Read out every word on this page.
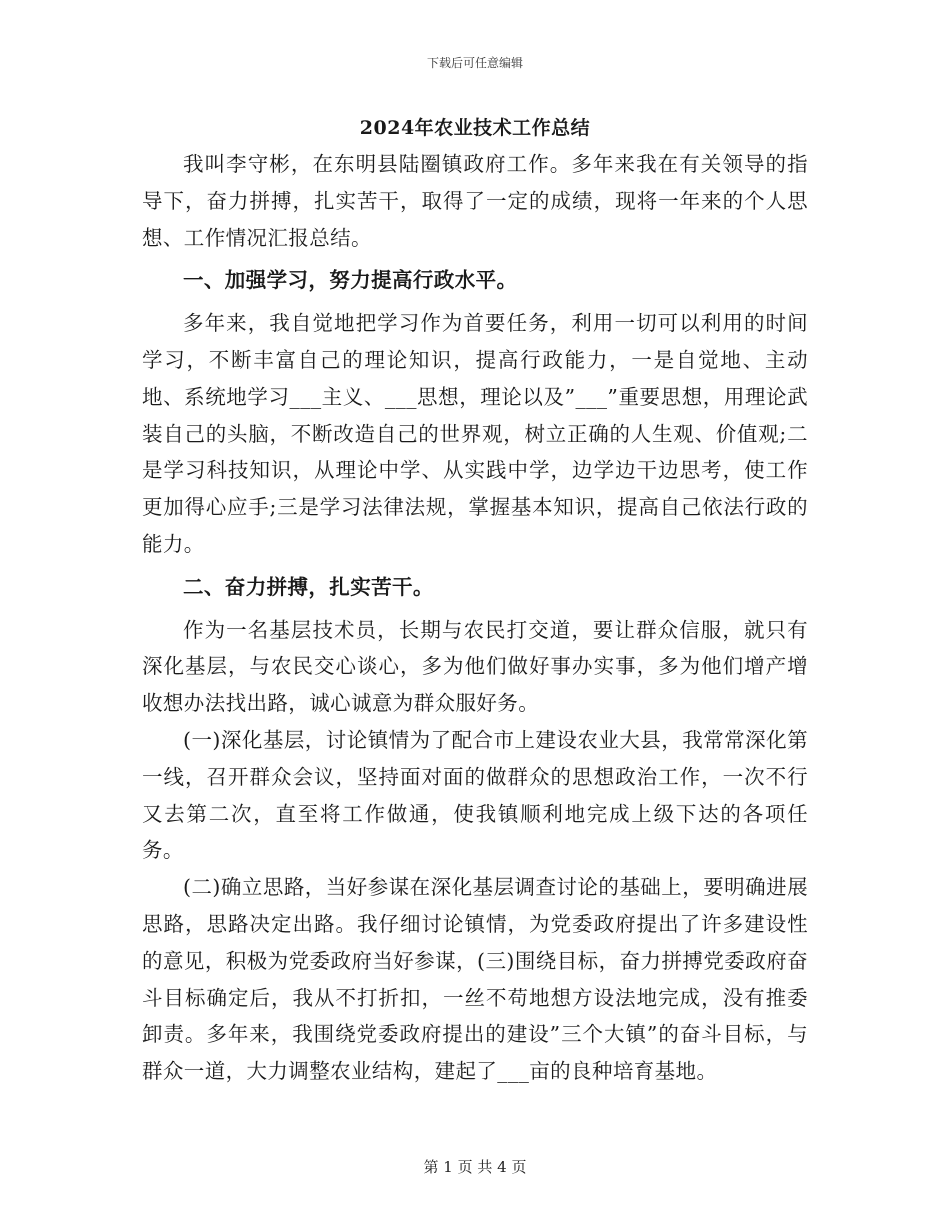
下载后可任意编辑
2024年农业技术工作总结

我叫李守彬，在东明县陆圈镇政府工作。多年来我在有关领导的指导下，奋力拼搏，扎实苦干，取得了一定的成绩，现将一年来的个人思想、工作情况汇报总结。

一、加强学习，努力提高行政水平。

多年来，我自觉地把学习作为首要任务，利用一切可以利用的时间学习，不断丰富自己的理论知识，提高行政能力，一是自觉地、主动地、系统地学习___主义、___思想，理论以及”___”重要思想，用理论武装自己的头脑，不断改造自己的世界观，树立正确的人生观、价值观;二是学习科技知识，从理论中学、从实践中学，边学边干边思考，使工作更加得心应手;三是学习法律法规，掌握基本知识，提高自己依法行政的能力。

二、奋力拼搏，扎实苦干。

作为一名基层技术员，长期与农民打交道，要让群众信服，就只有深化基层，与农民交心谈心，多为他们做好事办实事，多为他们增产增收想办法找出路，诚心诚意为群众服好务。

(一)深化基层，讨论镇情为了配合市上建设农业大县，我常常深化第一线，召开群众会议，坚持面对面的做群众的思想政治工作，一次不行又去第二次，直至将工作做通，使我镇顺利地完成上级下达的各项任务。

(二)确立思路，当好参谋在深化基层调查讨论的基础上，要明确进展思路，思路决定出路。我仔细讨论镇情，为党委政府提出了许多建设性的意见，积极为党委政府当好参谋，(三)围绕目标，奋力拼搏党委政府奋斗目标确定后，我从不打折扣，一丝不苟地想方设法地完成，没有推委卸责。多年来，我围绕党委政府提出的建设”三个大镇”的奋斗目标，与群众一道，大力调整农业结构，建起了___亩的良种培育基地。

第 1 页 共 4 页
